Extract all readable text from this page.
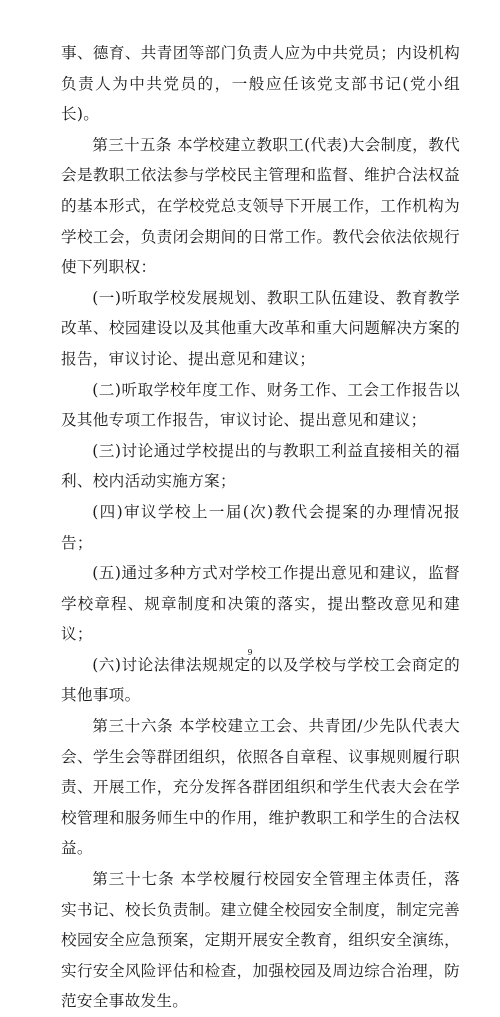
事、德育、共青团等部门负责人应为中共党员；内设机构负责人为中共党员的，一般应任该党支部书记(党小组长)。

第三十五条 本学校建立教职工(代表)大会制度，教代会是教职工依法参与学校民主管理和监督、维护合法权益的基本形式，在学校党总支领导下开展工作，工作机构为学校工会，负责闭会期间的日常工作。教代会依法依规行使下列职权：

(一)听取学校发展规划、教职工队伍建设、教育教学改革、校园建设以及其他重大改革和重大问题解决方案的报告，审议讨论、提出意见和建议；

(二)听取学校年度工作、财务工作、工会工作报告以及其他专项工作报告，审议讨论、提出意见和建议；

(三)讨论通过学校提出的与教职工利益直接相关的福利、校内活动实施方案；

(四)审议学校上一届(次)教代会提案的办理情况报告；

(五)通过多种方式对学校工作提出意见和建议，监督学校章程、规章制度和决策的落实，提出整改意见和建议；

(六)讨论法律法规规定的以及学校与学校工会商定的其他事项。

第三十六条 本学校建立工会、共青团/少先队代表大会、学生会等群团组织，依照各自章程、议事规则履行职责、开展工作，充分发挥各群团组织和学生代表大会在学校管理和服务师生中的作用，维护教职工和学生的合法权益。

第三十七条 本学校履行校园安全管理主体责任，落实书记、校长负责制。建立健全校园安全制度，制定完善校园安全应急预案，定期开展安全教育，组织安全演练，实行安全风险评估和检查，加强校园及周边综合治理，防范安全事故发生。

9
